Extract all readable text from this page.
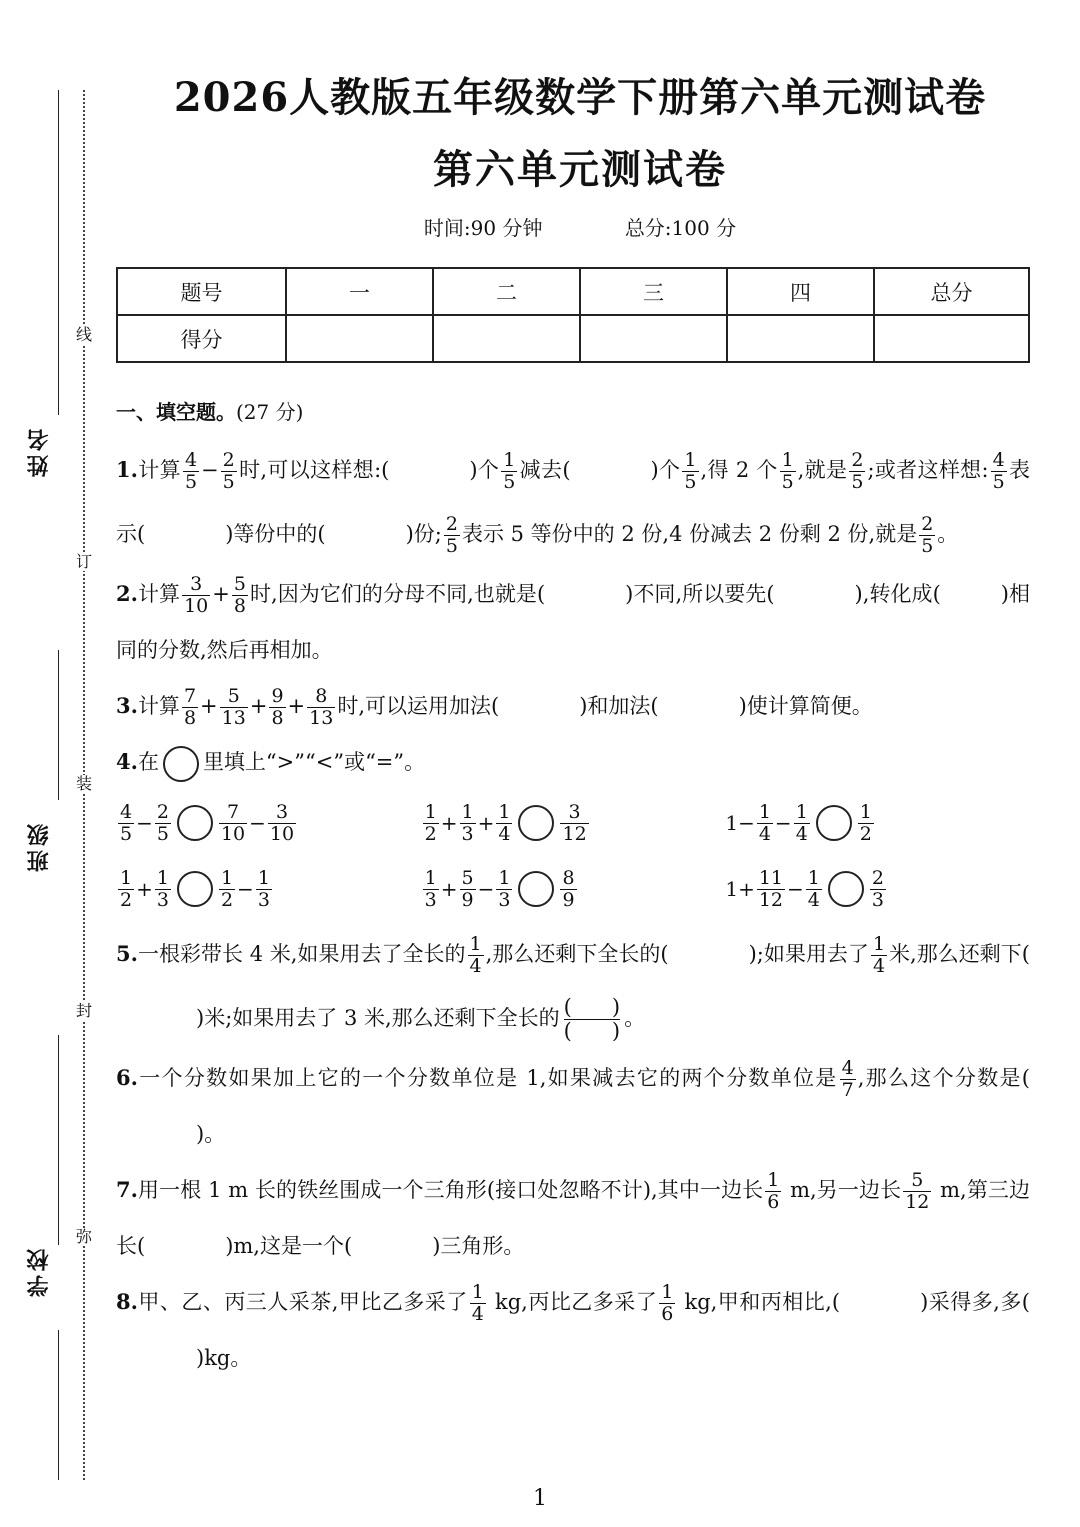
姓名
班级
学校
线
订
装
封
弥
2026人教版五年级数学下册第六单元测试卷
第六单元测试卷
时间:90 分钟	总分:100 分
题号	一	二	三	四	总分
得分					
一、填空题。(27 分)
1.计算 $\frac{4}{5} - \frac{2}{5}$ 时,可以这样想:(	)个 $\frac{1}{5}$ 减去(	)个 $\frac{1}{5}$ ,得 2 个 $\frac{1}{5}$ ,就是 $\frac{2}{5}$ ;或者这样想: $\frac{4}{5}$ 表示(	)等份中的(	)份; $\frac{2}{5}$ 表示 5 等份中的 2 份,4 份减去 2 份剩 2 份,就是 $\frac{2}{5}$ 。
2.计算 $\frac{3}{10} + \frac{5}{8}$ 时,因为它们的分母不同,也就是(	)不同,所以要先(	),转化成(	)相同的分数,然后再相加。
3.计算 $\frac{7}{8} + \frac{5}{13} + \frac{9}{8} + \frac{8}{13}$ 时,可以运用加法(	)和加法(	)使计算简便。
4.在 里填上“>”“<”或“=”。
$\frac{4}{5} - \frac{2}{5}$	$\frac{7}{10} - \frac{3}{10}$	$\frac{1}{2} + \frac{1}{3} + \frac{1}{4}$	$\frac{3}{12}$	$1- \frac{1}{4} - \frac{1}{4}$	$\frac{1}{2}$
$\frac{1}{2} + \frac{1}{3}$	$\frac{1}{2} - \frac{1}{3}$	$\frac{1}{3} + \frac{5}{9} - \frac{1}{3}$	$\frac{8}{9}$	$1+ \frac{11}{12} - \frac{1}{4}$	$\frac{2}{3}$
5.一根彩带长 4 米,如果用去了全长的 $\frac{1}{4}$ ,那么还剩下全长的(	);如果用去了 $\frac{1}{4}$ 米,那么还剩下()米;如果用去了 3 米,那么还剩下全长的 (      )
(      )
。
6.一个分数如果加上它的一个分数单位是 1,如果减去它的两个分数单位是 $\frac{4}{7}$ ,那么这个分数是()。
7.用一根 1 m 长的铁丝围成一个三角形(接口处忽略不计),其中一边长 $\frac{1}{6} m$,另一边长 $\frac{5}{12} m$,第三边长(	)m,这是一个(	)三角形。
8.甲、乙、丙三人采茶,甲比乙多采了 $\frac{1}{4}$ kg,丙比乙多采了 $\frac{1}{6}$ kg,甲和丙相比,(	)采得多,多()kg。
1
